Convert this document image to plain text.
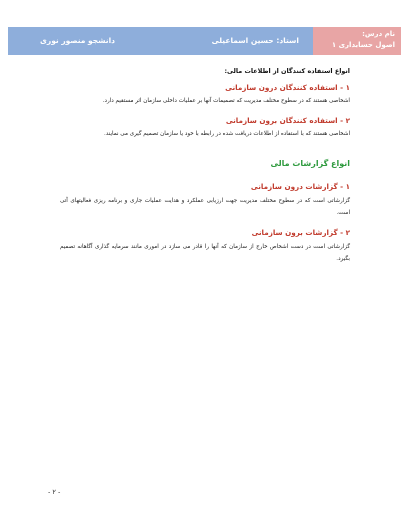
دانشجو منصور نوری	استاد: حسین اسماعیلی
نام درس:
اصول حسابداری ۱
انواع استفاده کنندگان از اطلاعات مالی:
۱ - استفاده کنندگان درون سازمانی
اشخاصی هستند که در سطوح مختلف مدیریت که تصمیمات آنها بر عملیات داخلی سازمان اثر مستقیم دارد.
۲ - استفاده کنندگان برون سازمانی
اشخاصی هستند که با استفاده از اطلاعات دریافت شده در رابطه با خود یا سازمان تصمیم گیری می نمایند.
انواع گزارشات مالی
۱ - گزارشات درون سازمانی
گزارشاتی است که در سطوح مختلف مدیریت جهت ارزیابی عملکرد و هدایت عملیات جاری و برنامه ریزی فعالیتهای آتی است.
۲ - گزارشات برون سازمانی
گزارشاتی است در دست اشخاص خارج از سازمان که آنها را قادر می سازد در اموری مانند سرمایه گذاری آگاهانه تصمیم بگیرد.
- ۲ -
